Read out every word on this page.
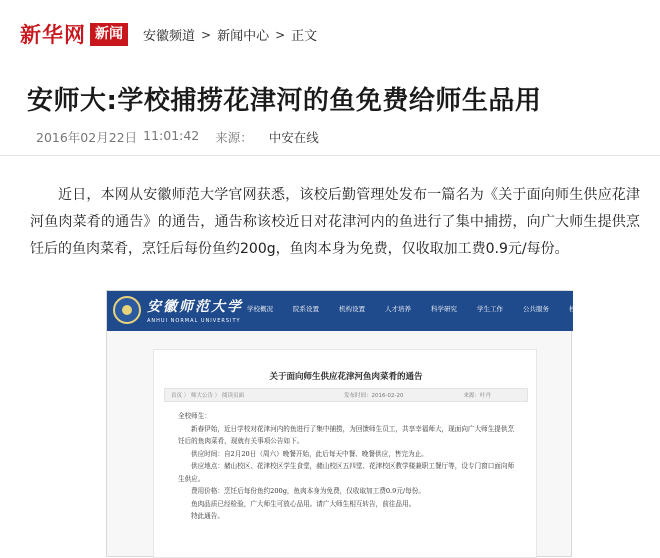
新华网 新闻	安徽频道 > 新闻中心 > 正文
安师大:学校捕捞花津河的鱼免费给师生品用
2016年02月22日 11:01:42 来源： 中安在线

近日，本网从安徽师范大学官网获悉，该校后勤管理处发布一篇名为《关于面向师生供应花津河鱼肉菜肴的通告》的通告，通告称该校近日对花津河内的鱼进行了集中捕捞，向广大师生提供烹饪后的鱼肉菜肴，烹饪后每份鱼约200g，鱼肉本身为免费，仅收取加工费0.9元/每份。

安徽师范大学
ANHUI NORMAL UNIVERSITY
学校概况	院系设置	机构设置	人才培养	科学研究	学生工作	公共服务	校工学院
关于面向师生供应花津河鱼肉菜肴的通告
首页 〉 师大公告 〉 阅读页面	发布时间：2016-02-20	来源：叶丹

全校师生：

新春伊始，近日学校对花津河内的鱼进行了集中捕捞，为回馈师生员工，共享幸福师大，现面向广大师生提供烹饪后的鱼肉菜肴，现就有关事项公告如下。

供应时间：自2月20日（周六）晚餐开始，此后每天中餐、晚餐供应，售完为止。

供应地点：赭山校区、花津校区学生食堂，赭山校区五四堂、花津校区教学楼兼职工餐厅等，设专门窗口面向师生供应。

费用价格：烹饪后每份鱼约200g，鱼肉本身为免费，仅收取加工费0.9元/每份。

鱼肉品质已经检验，广大师生可放心品用。请广大师生相互转告，前往品用。

特此通告。
